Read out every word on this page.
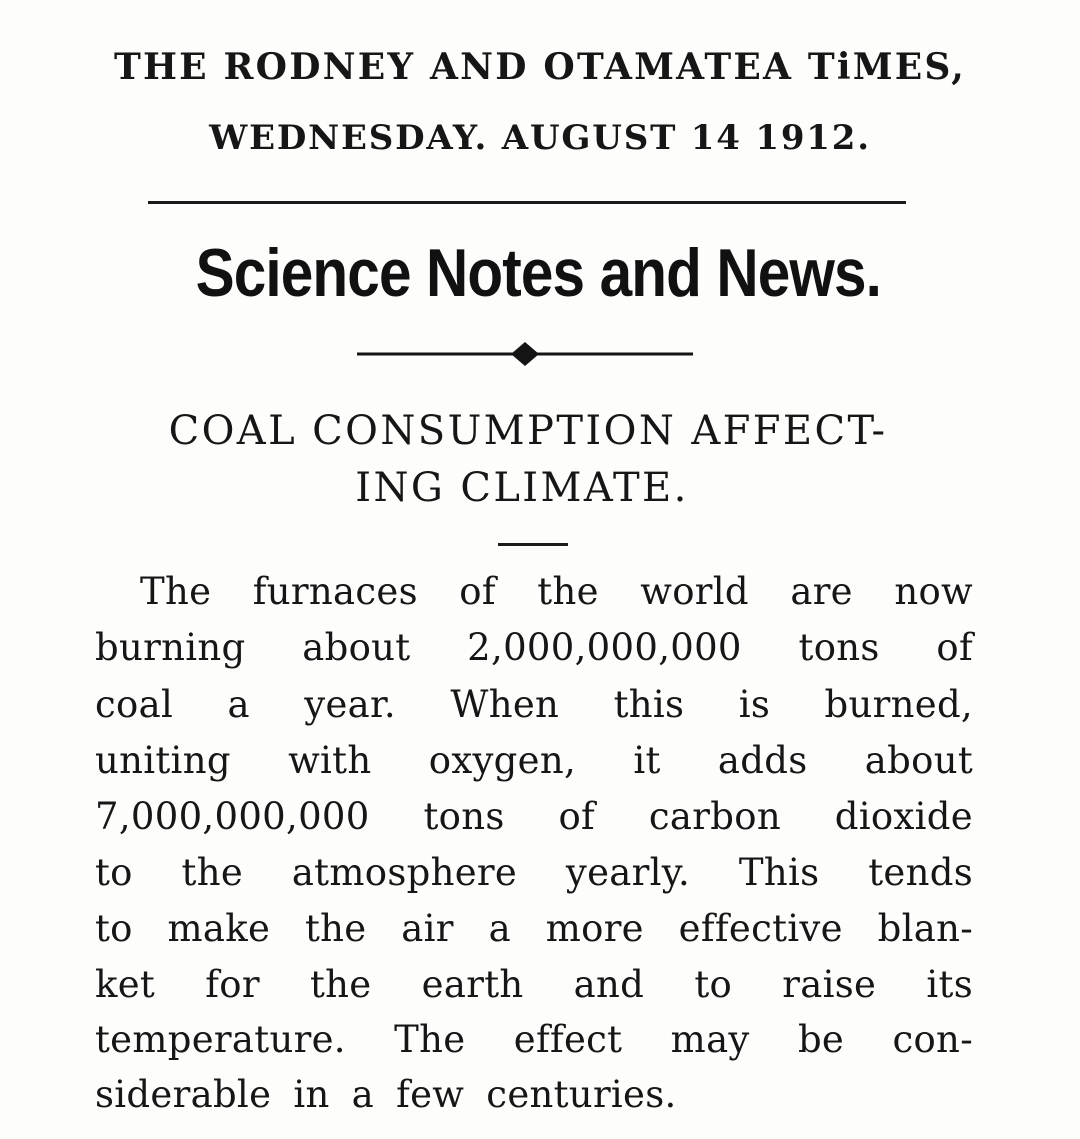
THE RODNEY AND OTAMATEA TiMES,
WEDNESDAY. AUGUST 14 1912.
Science Notes and News.
COAL CONSUMPTION AFFECT-
ING CLIMATE.
The furnaces of the world are now
burning about 2,000,000,000 tons of
coal a year. When this is burned,
uniting with oxygen, it adds about
7,000,000,000 tons of carbon dioxide
to the atmosphere yearly. This tends
to make the air a more effective blan-
ket for the earth and to raise its
temperature. The effect may be con-
siderable in a few centuries.
